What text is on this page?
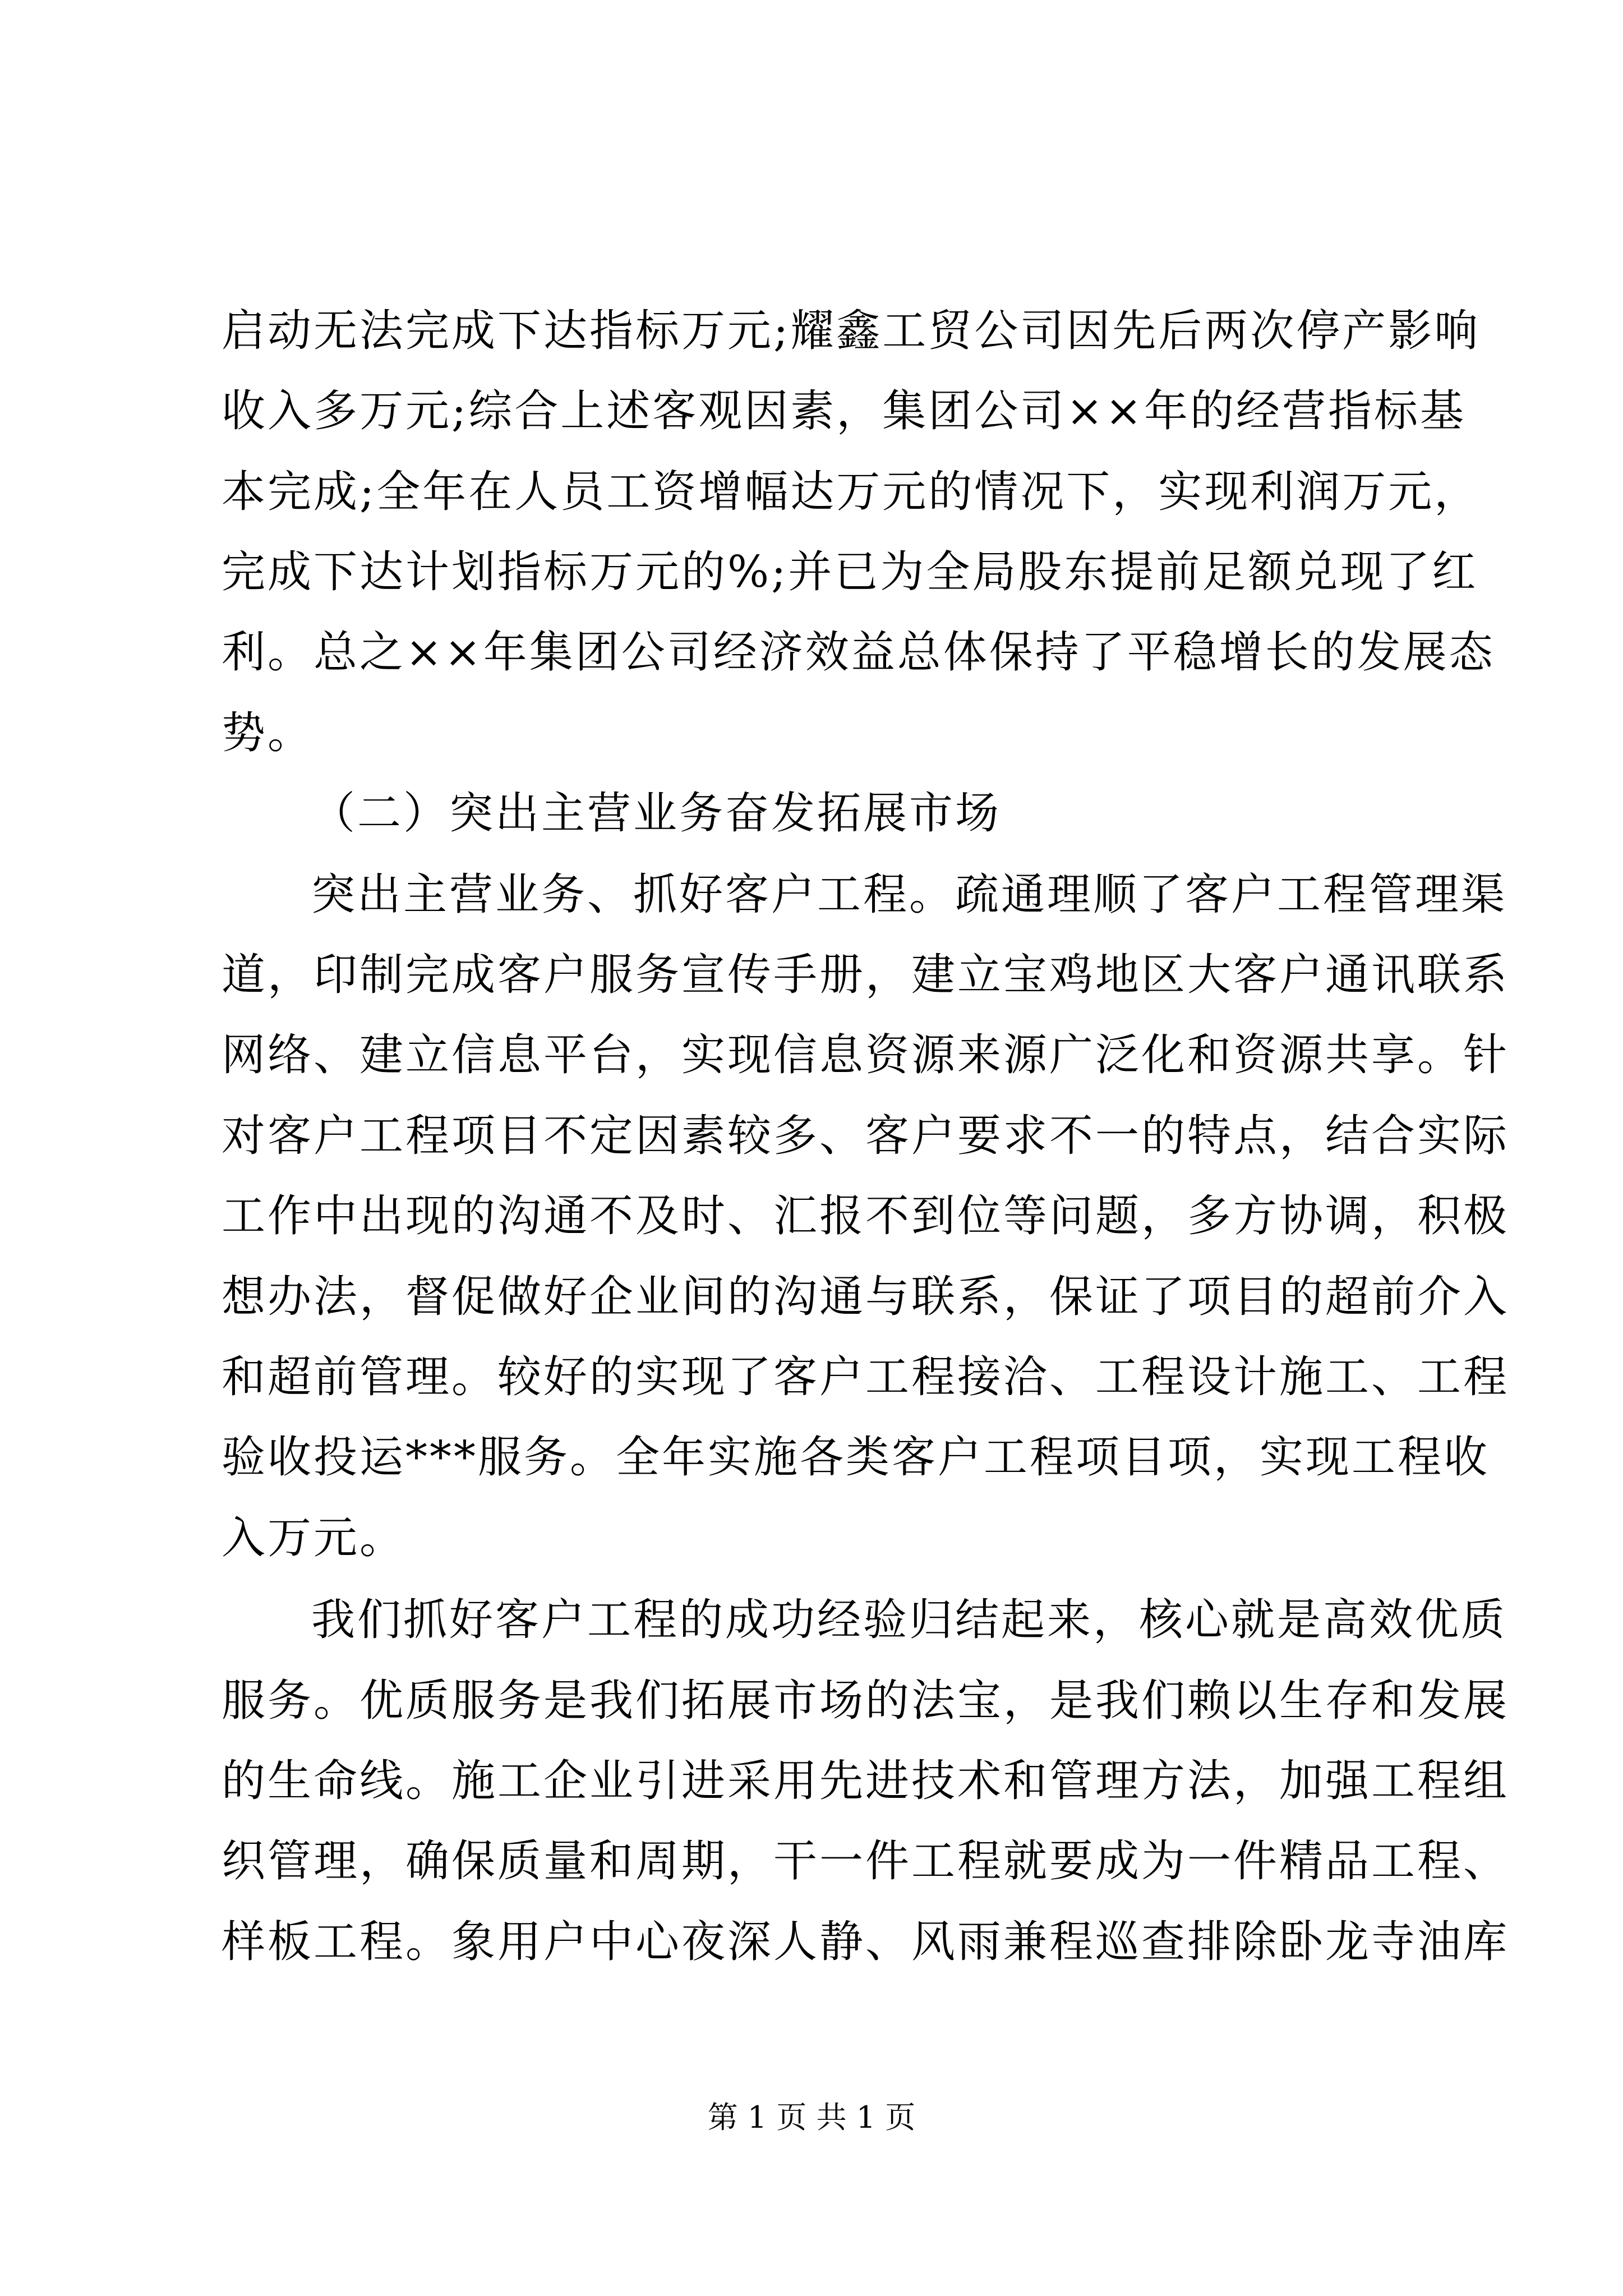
启动无法完成下达指标万元;耀鑫工贸公司因先后两次停产影响
收入多万元;综合上述客观因素，集团公司××年的经营指标基
本完成;全年在人员工资增幅达万元的情况下，实现利润万元，
完成下达计划指标万元的%;并已为全局股东提前足额兑现了红
利。总之××年集团公司经济效益总体保持了平稳增长的发展态
势。
（二）突出主营业务奋发拓展市场
突出主营业务、抓好客户工程。疏通理顺了客户工程管理渠
道，印制完成客户服务宣传手册，建立宝鸡地区大客户通讯联系
网络、建立信息平台，实现信息资源来源广泛化和资源共享。针
对客户工程项目不定因素较多、客户要求不一的特点，结合实际
工作中出现的沟通不及时、汇报不到位等问题，多方协调，积极
想办法，督促做好企业间的沟通与联系，保证了项目的超前介入
和超前管理。较好的实现了客户工程接洽、工程设计施工、工程
验收投运***服务。全年实施各类客户工程项目项，实现工程收
入万元。
我们抓好客户工程的成功经验归结起来，核心就是高效优质
服务。优质服务是我们拓展市场的法宝，是我们赖以生存和发展
的生命线。施工企业引进采用先进技术和管理方法，加强工程组
织管理，确保质量和周期，干一件工程就要成为一件精品工程、
样板工程。象用户中心夜深人静、风雨兼程巡查排除卧龙寺油库
第 1 页 共 1 页
